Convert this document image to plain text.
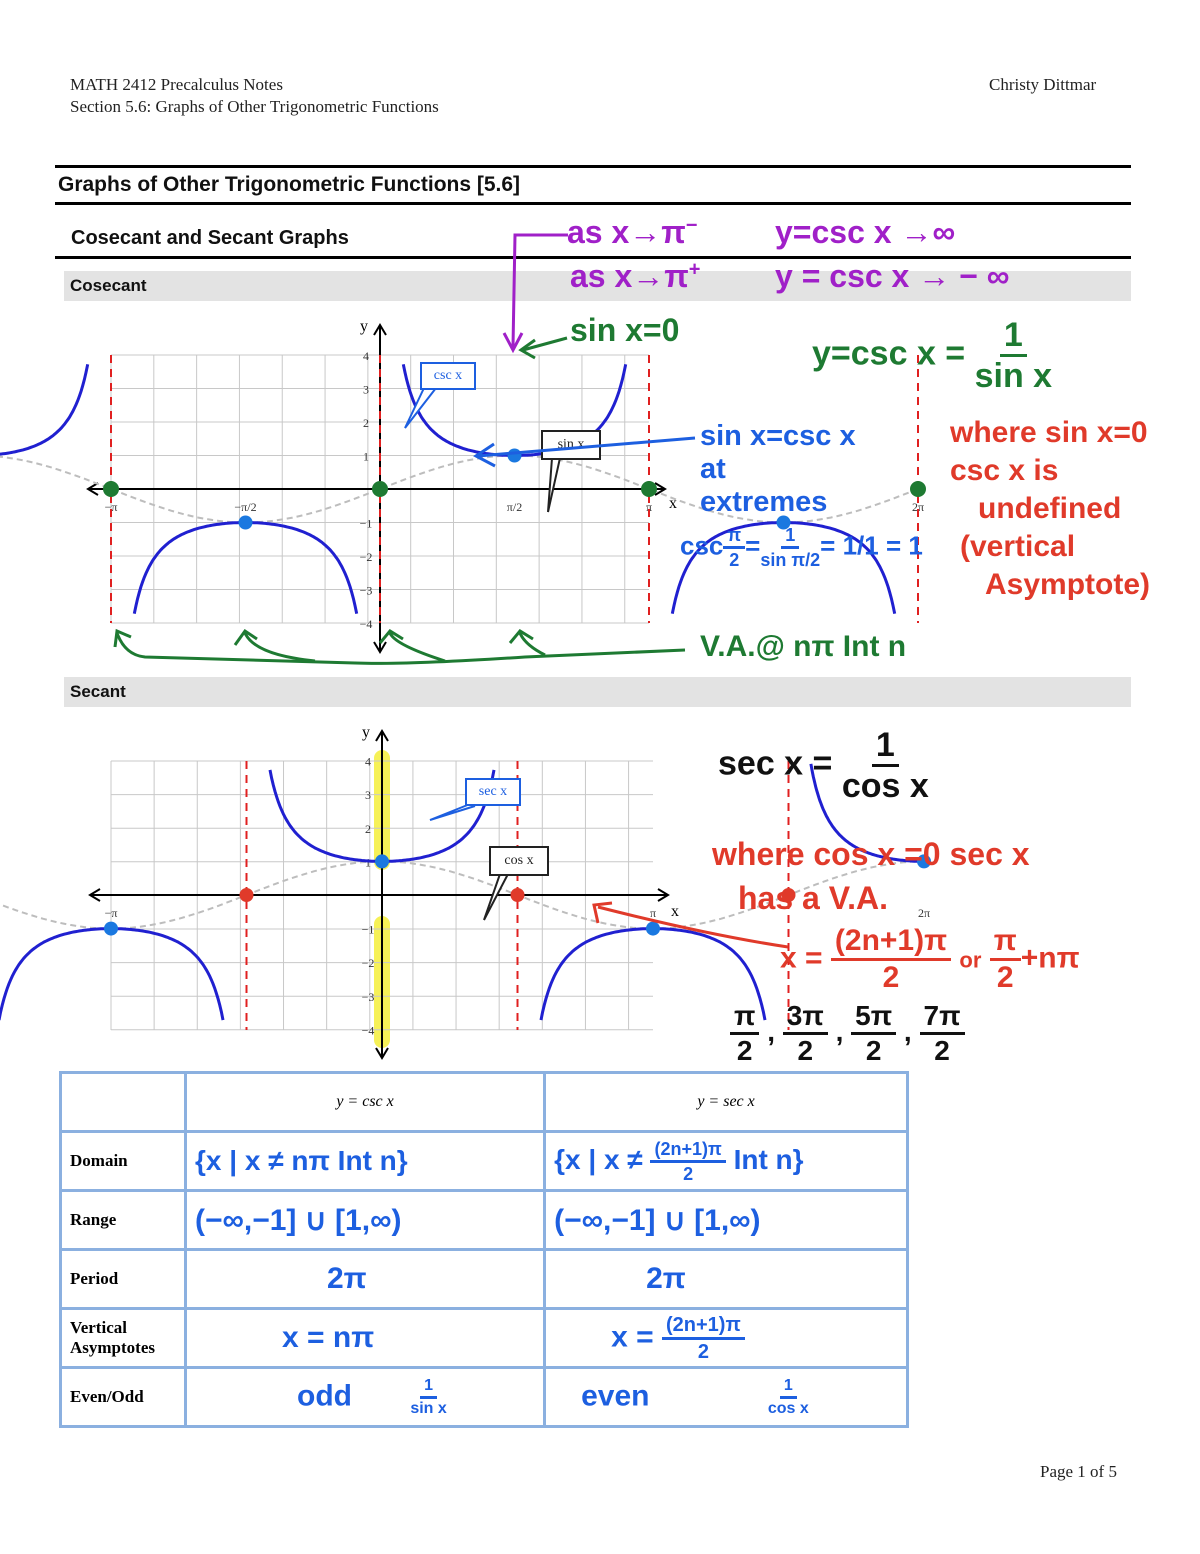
MATH 2412 Precalculus Notes
Section 5.6: Graphs of Other Trigonometric Functions
Christy Dittmar
Graphs of Other Trigonometric Functions [5.6]
Cosecant and Secant Graphs
Cosecant
4
3
2
1
−1
−2
−3
−4
−π	−π/2	π/2	π	2π
y
x
csc x
sin x
as x→π− y=csc x →∞
as x→π+ y = csc x → − ∞
sin x=0
y=csc $x = \frac{1}{\text{sin x}}$
sin x=csc x
at
extremes
$\csc \frac{\pi}{2} = \frac{1}{\text{sin π/2}} = 1/1 = 1$
where sin x=0
csc x is
undefined
(vertical
Asymptote)
V.A.@ nπ Int n
Secant
4
3
2
1
−1
−2
−3
−4
−π	π	2π
y
x
sec x
cos x
$\sec x = \frac{1}{\text{cos x}}$
where cos x =0 sec x
has a V.A.
$x = \frac{(2n+1)\pi}{2}$ or $\frac{\pi}{2} +n\pi$
$\frac{\pi}{2}$ , $\frac{3\pi}{2}$ , $\frac{5\pi}{2}$ , $\frac{7\pi}{2}$
	y = csc x	y = sec x
Domain	{x | x ≠ nπ Int n}	{x | $x \ne \frac{(2n+1)\pi}{2}$ Int n}
Range	(−∞,−1] ∪ [1,∞)	(−∞,−1] ∪ [1,∞)
Period	2π	2π
Vertical Asymptotes	x = nπ	$x = \frac{(2n+1)\pi}{2}$

Even/Odd	odd $\frac{1}{\text{sin x}}$	even $\frac{1}{\text{cos x}}$
Page 1 of 5
